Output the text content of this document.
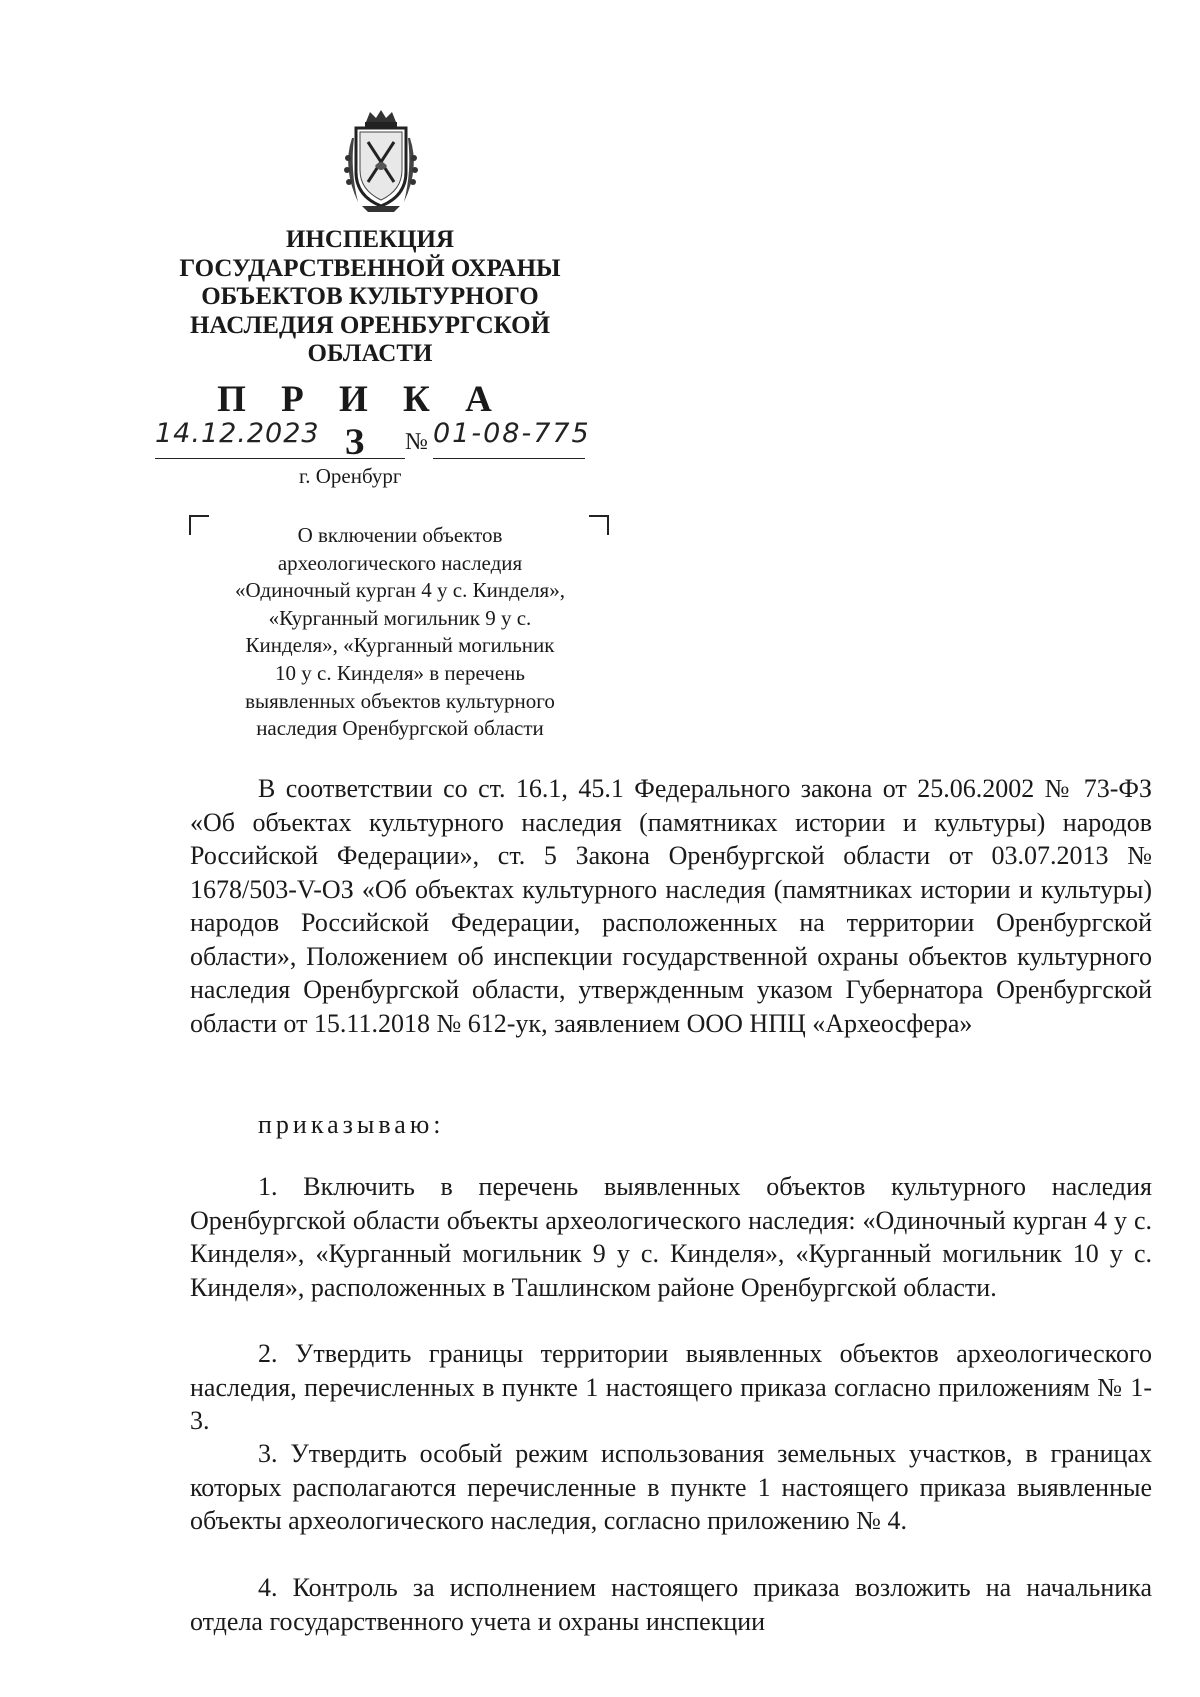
ИНСПЕКЦИЯ
ГОСУДАРСТВЕННОЙ ОХРАНЫ
ОБЪЕКТОВ КУЛЬТУРНОГО
НАСЛЕДИЯ ОРЕНБУРГСКОЙ
ОБЛАСТИ
П Р И К А З
14.12.2023	№ 01-08-775
г. Оренбург
О включении объектов
археологического наследия
«Одиночный курган 4 у с. Кинделя»,
«Курганный могильник 9 у с.
Кинделя», «Курганный могильник
10 у с. Кинделя» в перечень
выявленных объектов культурного
наследия Оренбургской области
В соответствии со ст. 16.1, 45.1 Федерального закона от 25.06.2002 № 73-ФЗ «Об объектах культурного наследия (памятниках истории и культуры) народов Российской Федерации», ст. 5 Закона Оренбургской области от 03.07.2013 № 1678/503-V-ОЗ «Об объектах культурного наследия (памятниках истории и культуры) народов Российской Федерации, расположенных на территории Оренбургской области», Положением об инспекции государственной охраны объектов культурного наследия Оренбургской области, утвержденным указом Губернатора Оренбургской области от 15.11.2018 № 612-ук, заявлением ООО НПЦ «Археосфера»
приказываю:
1. Включить в перечень выявленных объектов культурного наследия Оренбургской области объекты археологического наследия: «Одиночный курган 4 у с. Кинделя», «Курганный могильник 9 у с. Кинделя», «Курганный могильник 10 у с. Кинделя», расположенных в Ташлинском районе Оренбургской области.
2. Утвердить границы территории выявленных объектов археологического наследия, перечисленных в пункте 1 настоящего приказа согласно приложениям № 1-3.
3. Утвердить особый режим использования земельных участков, в границах которых располагаются перечисленные в пункте 1 настоящего приказа выявленные объекты археологического наследия, согласно приложению № 4.
4. Контроль за исполнением настоящего приказа возложить на начальника отдела государственного учета и охраны инспекции
